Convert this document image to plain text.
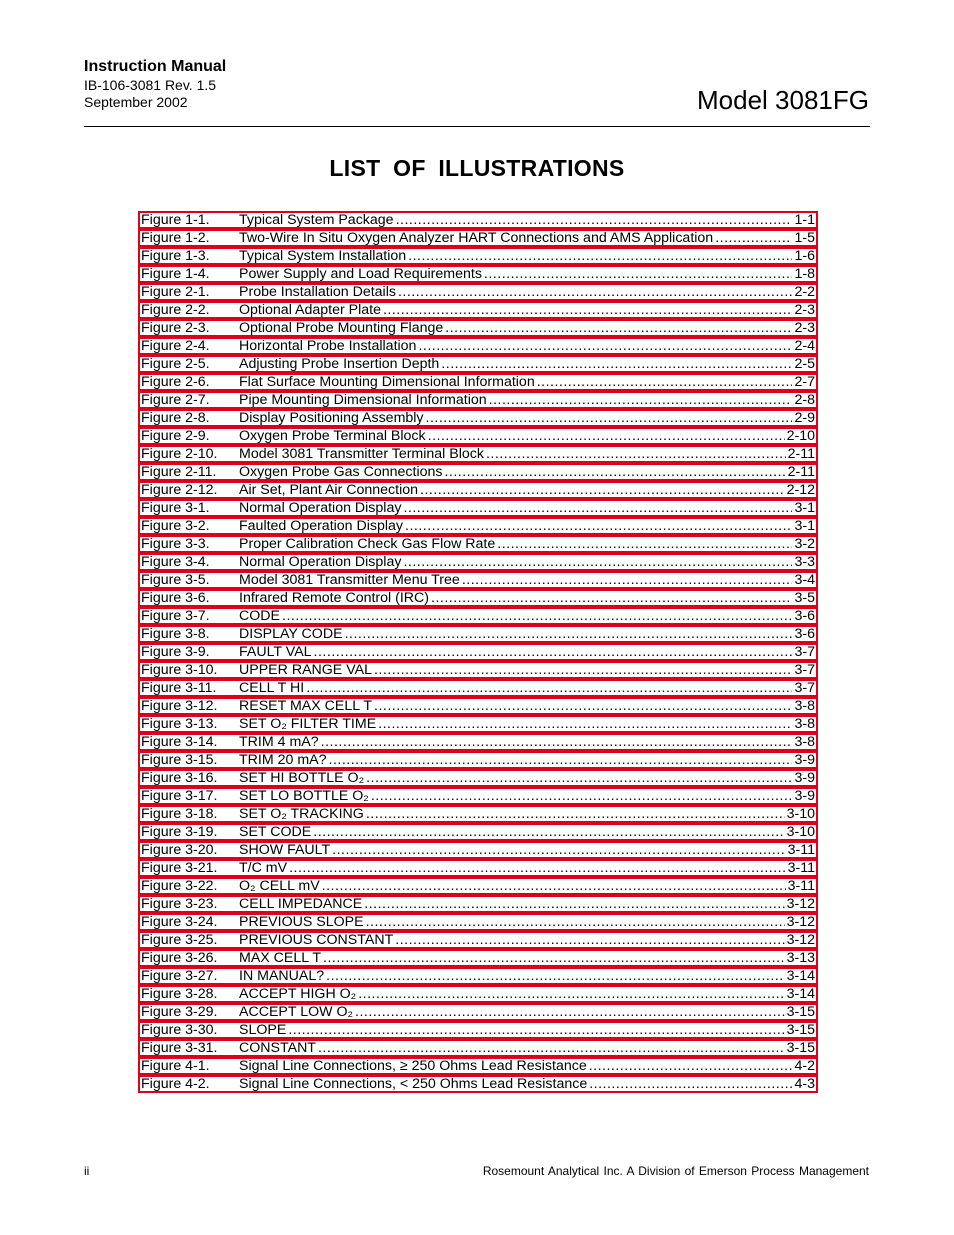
Instruction Manual
IB-106-3081 Rev. 1.5
September 2002	Model 3081FG
LIST OF ILLUSTRATIONS
Figure 1-1.	Typical System Package .....	1-1
Figure 1-2.	Two-Wire In Situ Oxygen Analyzer HART Connections and AMS Application .....	1-5
Figure 1-3.	Typical System Installation .....	1-6
Figure 1-4.	Power Supply and Load Requirements .....	1-8
Figure 2-1.	Probe Installation Details .....	2-2
Figure 2-2.	Optional Adapter Plate .....	2-3
Figure 2-3.	Optional Probe Mounting Flange .....	2-3
Figure 2-4.	Horizontal Probe Installation .....	2-4
Figure 2-5.	Adjusting Probe Insertion Depth .....	2-5
Figure 2-6.	Flat Surface Mounting Dimensional Information .....	2-7
Figure 2-7.	Pipe Mounting Dimensional Information .....	2-8
Figure 2-8.	Display Positioning Assembly .....	2-9
Figure 2-9.	Oxygen Probe Terminal Block .....	2-10
Figure 2-10.	Model 3081 Transmitter Terminal Block .....	2-11
Figure 2-11.	Oxygen Probe Gas Connections .....	2-11
Figure 2-12.	Air Set, Plant Air Connection .....	2-12
Figure 3-1.	Normal Operation Display .....	3-1
Figure 3-2.	Faulted Operation Display .....	3-1
Figure 3-3.	Proper Calibration Check Gas Flow Rate .....	3-2
Figure 3-4.	Normal Operation Display .....	3-3
Figure 3-5.	Model 3081 Transmitter Menu Tree .....	3-4
Figure 3-6.	Infrared Remote Control (IRC) .....	3-5
Figure 3-7.	CODE .....	3-6
Figure 3-8.	DISPLAY CODE .....	3-6
Figure 3-9.	FAULT VAL .....	3-7
Figure 3-10.	UPPER RANGE VAL .....	3-7
Figure 3-11.	CELL T HI .....	3-7
Figure 3-12.	RESET MAX CELL T .....	3-8
Figure 3-13.	SET O₂ FILTER TIME .....	3-8
Figure 3-14.	TRIM 4 mA? .....	3-8
Figure 3-15.	TRIM 20 mA? .....	3-9
Figure 3-16.	SET HI BOTTLE O₂ .....	3-9
Figure 3-17.	SET LO BOTTLE O₂ .....	3-9
Figure 3-18.	SET O₂ TRACKING .....	3-10
Figure 3-19.	SET CODE .....	3-10
Figure 3-20.	SHOW FAULT .....	3-11
Figure 3-21.	T/C mV .....	3-11
Figure 3-22.	O₂ CELL mV .....	3-11
Figure 3-23.	CELL IMPEDANCE .....	3-12
Figure 3-24.	PREVIOUS SLOPE .....	3-12
Figure 3-25.	PREVIOUS CONSTANT .....	3-12
Figure 3-26.	MAX CELL T .....	3-13
Figure 3-27.	IN MANUAL? .....	3-14
Figure 3-28.	ACCEPT HIGH O₂ .....	3-14
Figure 3-29.	ACCEPT LOW O₂ .....	3-15
Figure 3-30.	SLOPE .....	3-15
Figure 3-31.	CONSTANT .....	3-15
Figure 4-1.	Signal Line Connections, ≥ 250 Ohms Lead Resistance .....	4-2
Figure 4-2.	Signal Line Connections, < 250 Ohms Lead Resistance .....	4-3
ii	Rosemount Analytical Inc. A Division of Emerson Process Management
